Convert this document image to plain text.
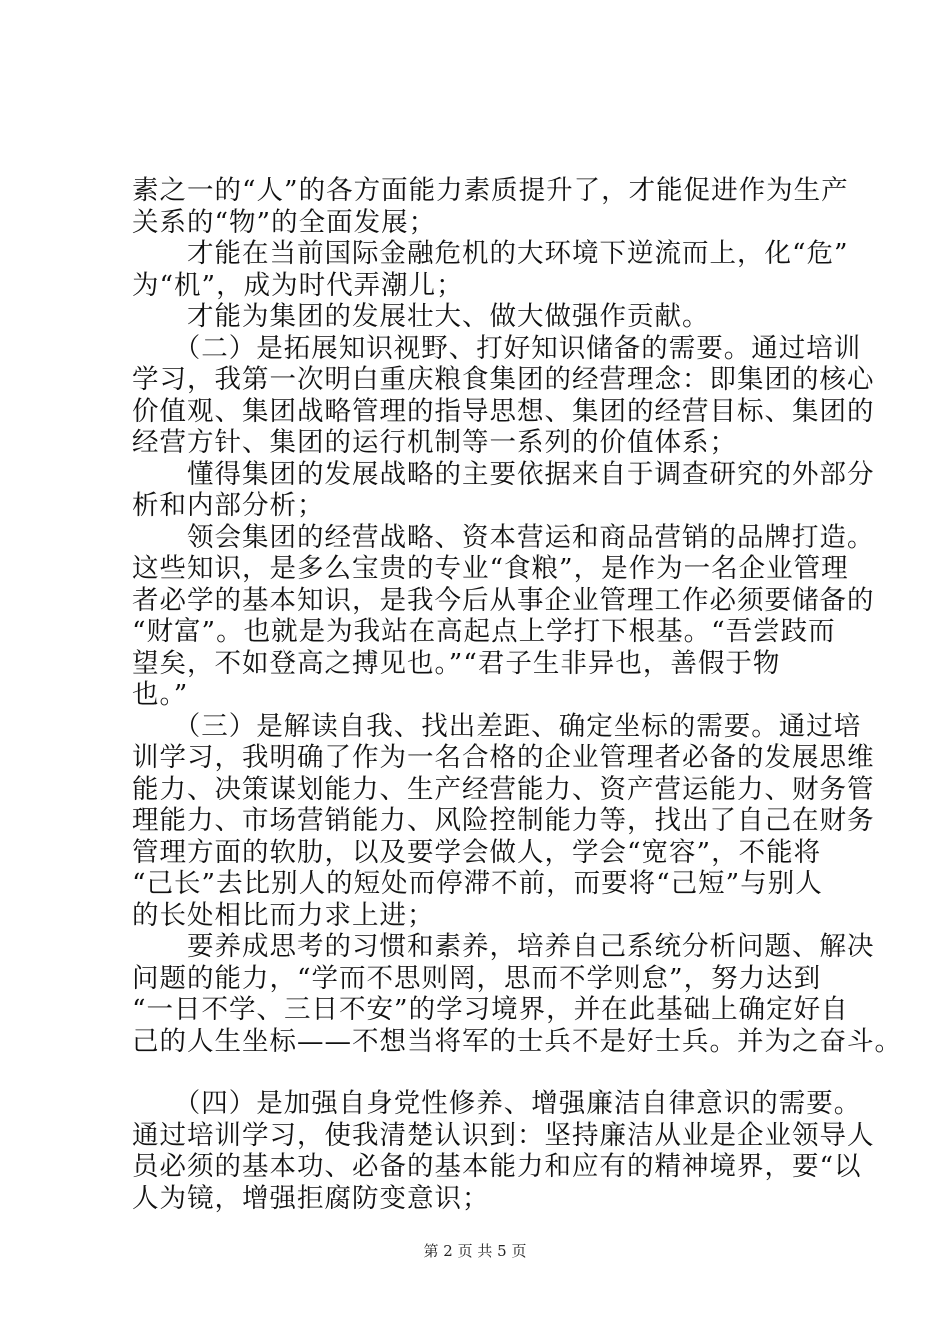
素之一的“人”的各方面能力素质提升了，才能促进作为生产
关系的“物”的全面发展；
　　才能在当前国际金融危机的大环境下逆流而上，化“危”
为“机”，成为时代弄潮儿；
　　才能为集团的发展壮大、做大做强作贡献。
　　（二）是拓展知识视野、打好知识储备的需要。通过培训
学习，我第一次明白重庆粮食集团的经营理念：即集团的核心
价值观、集团战略管理的指导思想、集团的经营目标、集团的
经营方针、集团的运行机制等一系列的价值体系；
　　懂得集团的发展战略的主要依据来自于调查研究的外部分
析和内部分析；
　　领会集团的经营战略、资本营运和商品营销的品牌打造。
这些知识，是多么宝贵的专业“食粮”，是作为一名企业管理
者必学的基本知识，是我今后从事企业管理工作必须要储备的
“财富”。也就是为我站在高起点上学打下根基。“吾尝跂而
望矣，不如登高之搏见也。”“君子生非异也，善假于物
也。”
　　（三）是解读自我、找出差距、确定坐标的需要。通过培
训学习，我明确了作为一名合格的企业管理者必备的发展思维
能力、决策谋划能力、生产经营能力、资产营运能力、财务管
理能力、市场营销能力、风险控制能力等，找出了自己在财务
管理方面的软肋，以及要学会做人，学会“宽容”，不能将
“己长”去比别人的短处而停滞不前，而要将“己短”与别人
的长处相比而力求上进；
　　要养成思考的习惯和素养，培养自己系统分析问题、解决
问题的能力，“学而不思则罔，思而不学则怠”，努力达到
“一日不学、三日不安”的学习境界，并在此基础上确定好自
己的人生坐标——不想当将军的士兵不是好士兵。并为之奋斗。
　　（四）是加强自身党性修养、增强廉洁自律意识的需要。
通过培训学习，使我清楚认识到：坚持廉洁从业是企业领导人
员必须的基本功、必备的基本能力和应有的精神境界，要“以
人为镜，增强拒腐防变意识；
第 2 页 共 5 页
